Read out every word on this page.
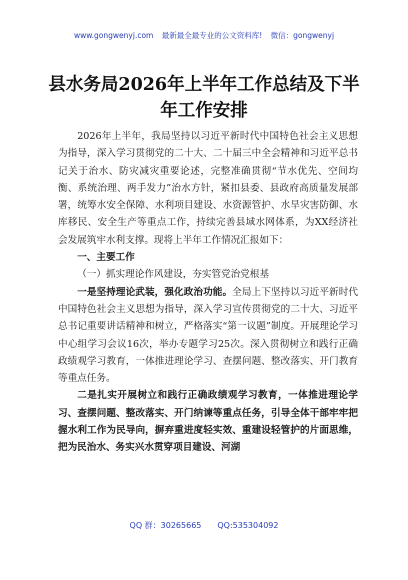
www.gongwenyj.com 最新最全最专业的公文资料库! 微信：gongwenyj
县水务局2026年上半年工作总结及下半年工作安排

2026年上半年，我局坚持以习近平新时代中国特色社会主义思想为指导，深入学习贯彻党的二十大、二十届三中全会精神和习近平总书记关于治水、防灾减灾重要论述，完整准确贯彻“节水优先、空间均衡、系统治理、两手发力”治水方针，紧扣县委、县政府高质量发展部署，统筹水安全保障、水利项目建设、水资源管护、水旱灾害防御、水库移民、安全生产等重点工作，持续完善县域水网体系，为XX经济社会发展筑牢水利支撑。现将上半年工作情况汇报如下：

一、主要工作

（一）抓实理论作风建设，夯实管党治党根基

一是坚持理论武装，强化政治功能。全局上下坚持以习近平新时代中国特色社会主义思想为指导，深入学习宣传贯彻党的二十大、习近平总书记重要讲话精神和树立，严格落实“第一议题”制度。开展理论学习中心组学习会议16次，举办专题学习25次。深入贯彻树立和践行正确政绩观学习教育，一体推进理论学习、查摆问题、整改落实、开门教育等重点任务。

二是扎实开展树立和践行正确政绩观学习教育，一体推进理论学习、查摆问题、整改落实、开门纳谏等重点任务，引导全体干部牢牢把握水利工作为民导向，摒弃重进度轻实效、重建设轻管护的片面思维，把为民治水、务实兴水贯穿项目建设、河湖

QQ 群：30265665 QQ:535304092
